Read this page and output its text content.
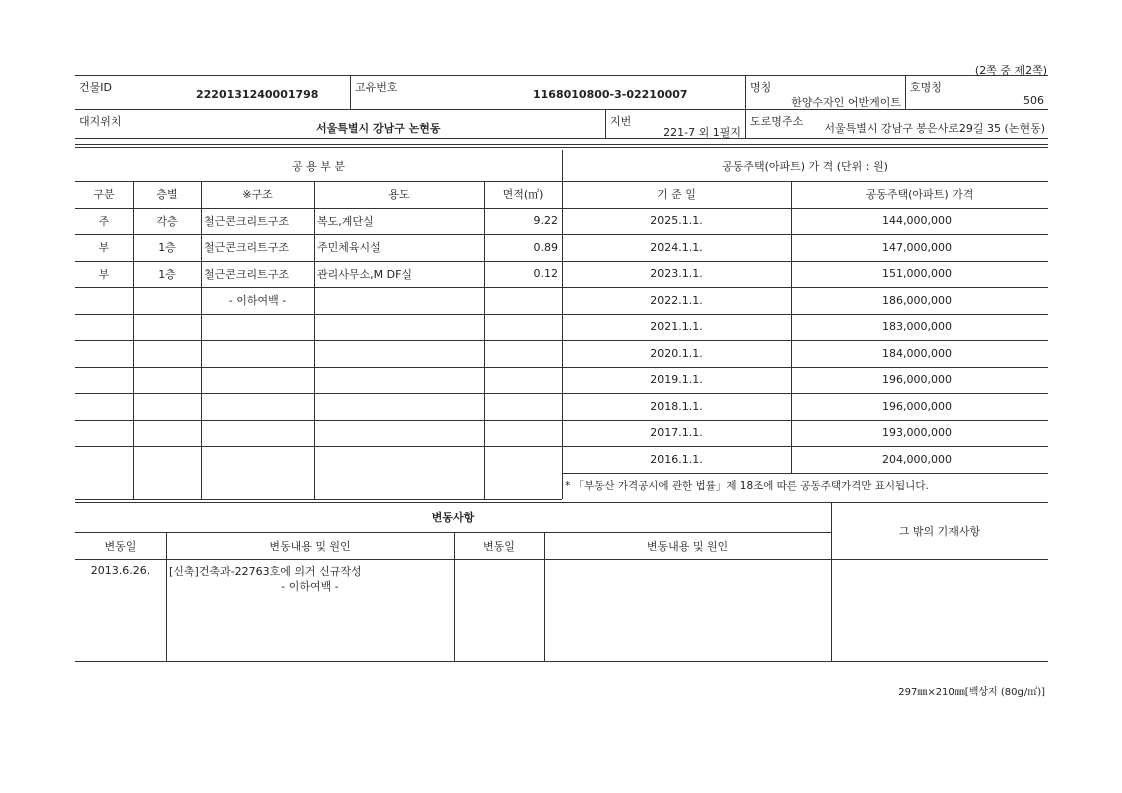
(2쪽 중 제2쪽)
건물ID
2220131240001798
고유번호
1168010800-3-02210007
명칭
한양수자인 어반게이트
호명칭
506
대지위치
서울특별시 강남구 논현동
지번
221-7 외 1필지
도로명주소
서울특별시 강남구 봉은사로29길 35 (논현동)
공 용 부 분	공동주택(아파트) 가 격 (단위 : 원)
구분	층별	※구조	용도	면적(㎡)
주	각층	철근콘크리트구조	복도,계단실	9.22
부	1층	철근콘크리트구조	주민체육시설	0.89
부	1층	철근콘크리트구조	관리사무소,M DF실	0.12
- 이하여백 -
기 준 일	공동주택(아파트) 가격
2025.1.1.	144,000,000
2024.1.1.	147,000,000
2023.1.1.	151,000,000
2022.1.1.	186,000,000
2021.1.1.	183,000,000
2020.1.1.	184,000,000
2019.1.1.	196,000,000
2018.1.1.	196,000,000
2017.1.1.	193,000,000
2016.1.1.	204,000,000
* 「부동산 가격공시에 관한 법률」제 18조에 따른 공동주택가격만 표시됩니다.
변동사항
그 밖의 기재사항
변동일	변동내용 및 원인	변동일	변동내용 및 원인
2013.6.26.	[신축]건축과-22763호에 의거 신규작성
- 이하여백 -
297㎜×210㎜[백상지 (80g/㎡)]
